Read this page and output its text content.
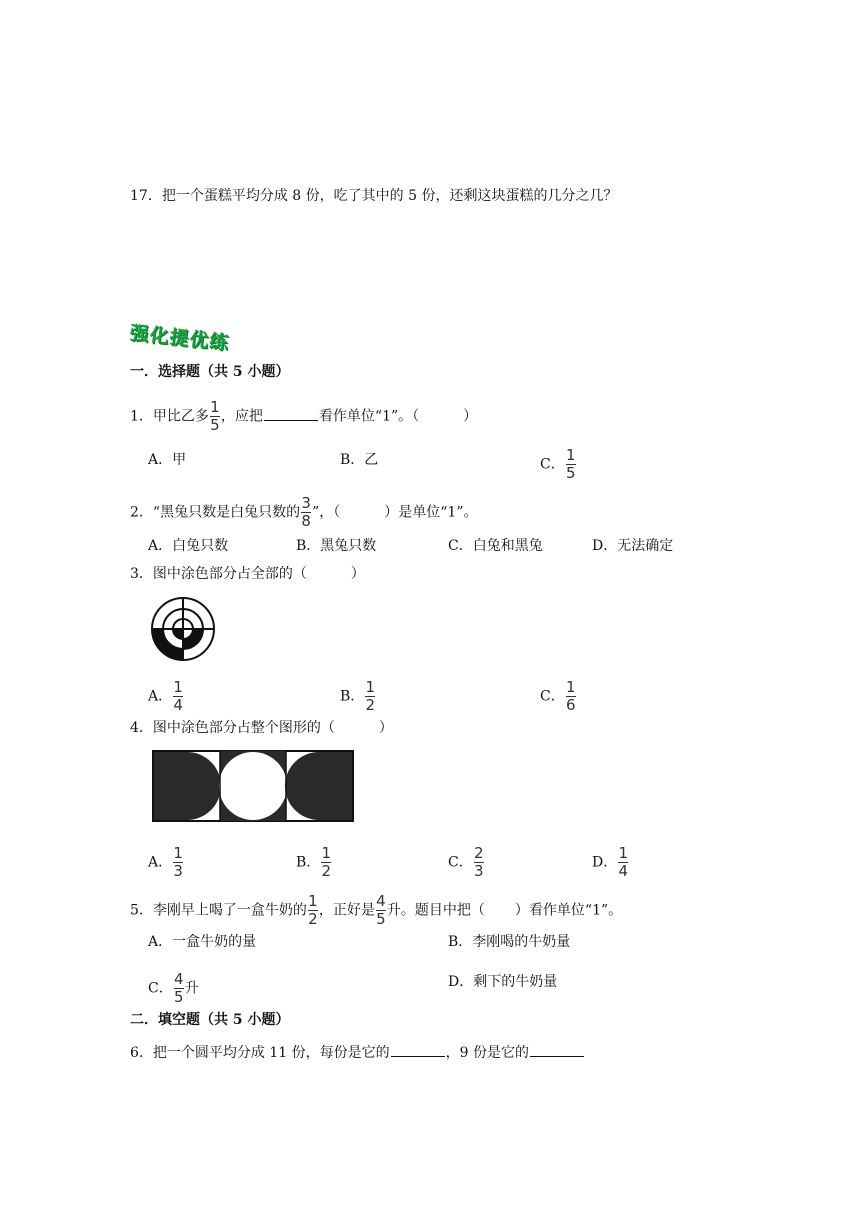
17．把一个蛋糕平均分成 8 份，吃了其中的 5 份，还剩这块蛋糕的几分之几？
强化提优练
一．选择题（共 5 小题）
1．甲比乙多 $\frac{1}{5}$ ，应把	看作单位“1”。（	）
A．甲	B．乙	C． $\frac{1}{5}$
2．“黑兔只数是白兔只数的 $\frac{3}{8}$ ”，（	）是单位“1”。
A．白兔只数	B．黑兔只数	C．白兔和黑兔	D．无法确定
3．图中涂色部分占全部的（	）
A． $\frac{1}{4}$	B． $\frac{1}{2}$	C． $\frac{1}{6}$
4．图中涂色部分占整个图形的（	）
A． $\frac{1}{3}$	B． $\frac{1}{2}$	C． $\frac{2}{3}$	D． $\frac{1}{4}$
5．李刚早上喝了一盒牛奶的 $\frac{1}{2}$ ，正好是 $\frac{4}{5}$ 升。题目中把（ ）看作单位“1”。
A．一盒牛奶的量	B．李刚喝的牛奶量
C． $\frac{4}{5}$ 升	D．剩下的牛奶量
二．填空题（共 5 小题）
6．把一个圆平均分成 11 份，每份是它的	，9 份是它的
